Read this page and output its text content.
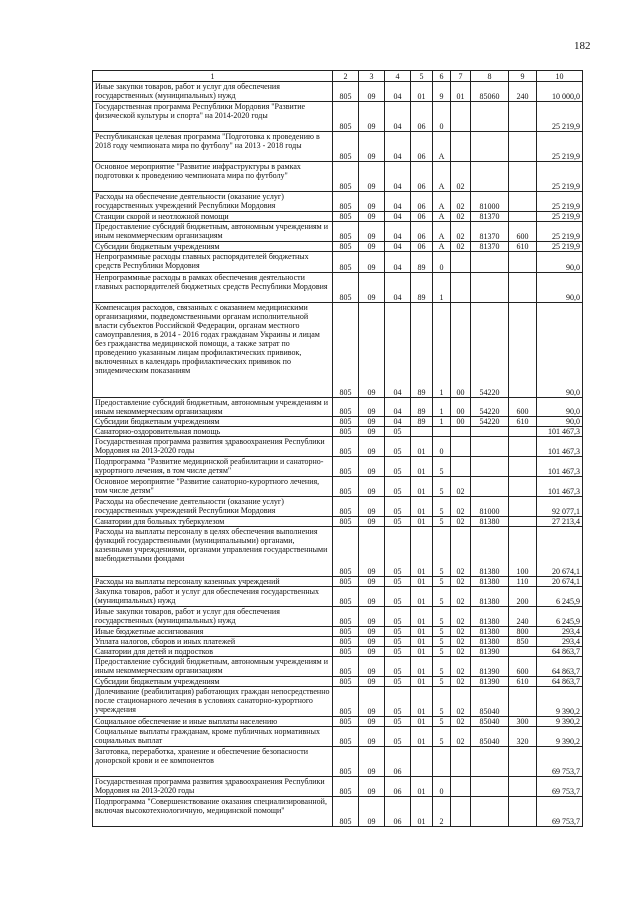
182
1	2	3	4	5	6	7	8	9	10
Иные закупки товаров, работ и услуг для обеспечения государственных (муниципальных) нужд	805	09	04	01	9	01	85060	240	10 000,0
Государственная программа Республики Мордовия "Развитие физической культуры и спорта" на 2014-2020 годы	805	09	04	06	0				25 219,9
Республиканская целевая программа "Подготовка к проведению в 2018 году чемпионата мира по футболу" на 2013 - 2018 годы	805	09	04	06	А				25 219,9
Основное мероприятие "Развитие инфраструктуры в рамках подготовки к проведению чемпионата мира по футболу"	805	09	04	06	А	02			25 219,9
Расходы на обеспечение деятельности (оказание услуг) государственных учреждений Республики Мордовия	805	09	04	06	А	02	81000		25 219,9
Станции скорой и неотложной помощи	805	09	04	06	А	02	81370		25 219,9
Предоставление субсидий бюджетным, автономным учреждениям и иным некоммерческим организациям	805	09	04	06	А	02	81370	600	25 219,9
Субсидии бюджетным учреждениям	805	09	04	06	А	02	81370	610	25 219,9
Непрограммные расходы главных распорядителей бюджетных средств Республики Мордовия	805	09	04	89	0				90,0
Непрограммные расходы в рамках обеспечения деятельности главных распорядителей бюджетных средств Республики Мордовия	805	09	04	89	1				90,0
Компенсация расходов, связанных с оказанием медицинскими организациями, подведомственными органам исполнительной власти субъектов Российской Федерации, органам местного самоуправления, в 2014 - 2016 годах гражданам Украины и лицам без гражданства медицинской помощи, а также затрат по проведению указанным лицам профилактических прививок, включенных в календарь профилактических прививок по эпидемическим показаниям	805	09	04	89	1	00	54220		90,0
Предоставление субсидий бюджетным, автономным учреждениям и иным некоммерческим организациям	805	09	04	89	1	00	54220	600	90,0
Субсидии бюджетным учреждениям	805	09	04	89	1	00	54220	610	90,0
Санаторно-оздоровительная помощь	805	09	05						101 467,3
Государственная программа развития здравоохранения Республики Мордовия на 2013-2020 годы	805	09	05	01	0				101 467,3
Подпрограмма "Развитие медицинской реабилитации и санаторно-курортного лечения, в том числе детям"	805	09	05	01	5				101 467,3
Основное мероприятие "Развитие санаторно-курортного лечения, том числе детям"	805	09	05	01	5	02			101 467,3
Расходы на обеспечение деятельности (оказание услуг) государственных учреждений Республики Мордовия	805	09	05	01	5	02	81000		92 077,1
Санатории для больных туберкулезом	805	09	05	01	5	02	81380		27 213,4
Расходы на выплаты персоналу в целях обеспечения выполнения функций государственными (муниципальными) органами, казенными учреждениями, органами управления государственными внебюджетными фондами	805	09	05	01	5	02	81380	100	20 674,1
Расходы на выплаты персоналу казенных учреждений	805	09	05	01	5	02	81380	110	20 674,1
Закупка товаров, работ и услуг для обеспечения государственных (муниципальных) нужд	805	09	05	01	5	02	81380	200	6 245,9
Иные закупки товаров, работ и услуг для обеспечения государственных (муниципальных) нужд	805	09	05	01	5	02	81380	240	6 245,9
Иные бюджетные ассигнования	805	09	05	01	5	02	81380	800	293,4
Уплата налогов, сборов и иных платежей	805	09	05	01	5	02	81380	850	293,4
Санатории для детей и подростков	805	09	05	01	5	02	81390		64 863,7
Предоставление субсидий бюджетным, автономным учреждениям и иным некоммерческим организациям	805	09	05	01	5	02	81390	600	64 863,7
Субсидии бюджетным учреждениям	805	09	05	01	5	02	81390	610	64 863,7
Долечивание (реабилитация) работающих граждан непосредственно после стационарного лечения в условиях санаторно-курортного учреждения	805	09	05	01	5	02	85040		9 390,2
Социальное обеспечение и иные выплаты населению	805	09	05	01	5	02	85040	300	9 390,2
Социальные выплаты гражданам, кроме публичных нормативных социальных выплат	805	09	05	01	5	02	85040	320	9 390,2
Заготовка, переработка, хранение и обеспечение безопасности донорской крови и ее компонентов	805	09	06						69 753,7
Государственная программа развития здравоохранения Республики Мордовия на 2013-2020 годы	805	09	06	01	0				69 753,7
Подпрограмма "Совершенствование оказания специализированной, включая высокотехнологичную, медицинской помощи"	805	09	06	01	2				69 753,7
